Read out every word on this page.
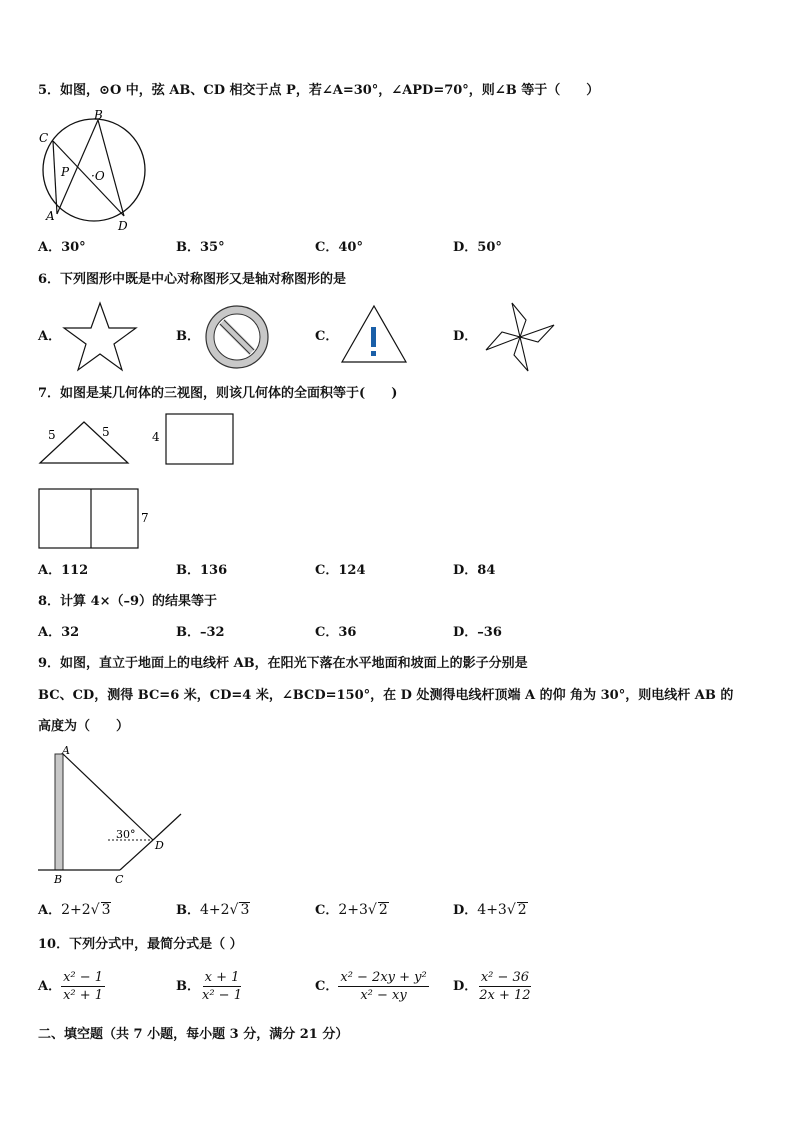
5．如图，⊙O 中，弦 AB、CD 相交于点 P，若∠A=30°，∠APD=70°，则∠B 等于（　　）
B
C
P ·O
A
D
A．30°	B．35°	C．40°	D．50°
6．下列图形中既是中心对称图形又是轴对称图形的是
A．	B．	C．	D．
7．如图是某几何体的三视图，则该几何体的全面积等于(　　)
5	5	4
7
A．112	B．136	C．124	D．84
8．计算 4×（–9）的结果等于
A．32	B．–32	C．36	D．–36
9．如图，直立于地面上的电线杆 AB，在阳光下落在水平地面和坡面上的影子分别是
BC、CD，测得 BC=6 米，CD=4 米，∠BCD=150°，在 D 处测得电线杆顶端 A 的仰 角为 30°，则电线杆 AB 的
高度为（　　）
A
30°
D
B	C
A．2+2√ 3	B．4+2√ 3	C．2+3√ 2	D．4+3√ 2
10．下列分式中，最简分式是（ ）
A． $\frac{\text{x² − 1}}{\text{x² + 1}}$	B． $\frac{x + 1}{\text{x² − 1}}$	C． $\frac{\text{x² − 2xy + y²}}{\text{x² − xy}}$ D． $\frac{\text{x² − 36}}{2x + 12}$
二、填空题（共 7 小题，每小题 3 分，满分 21 分）
